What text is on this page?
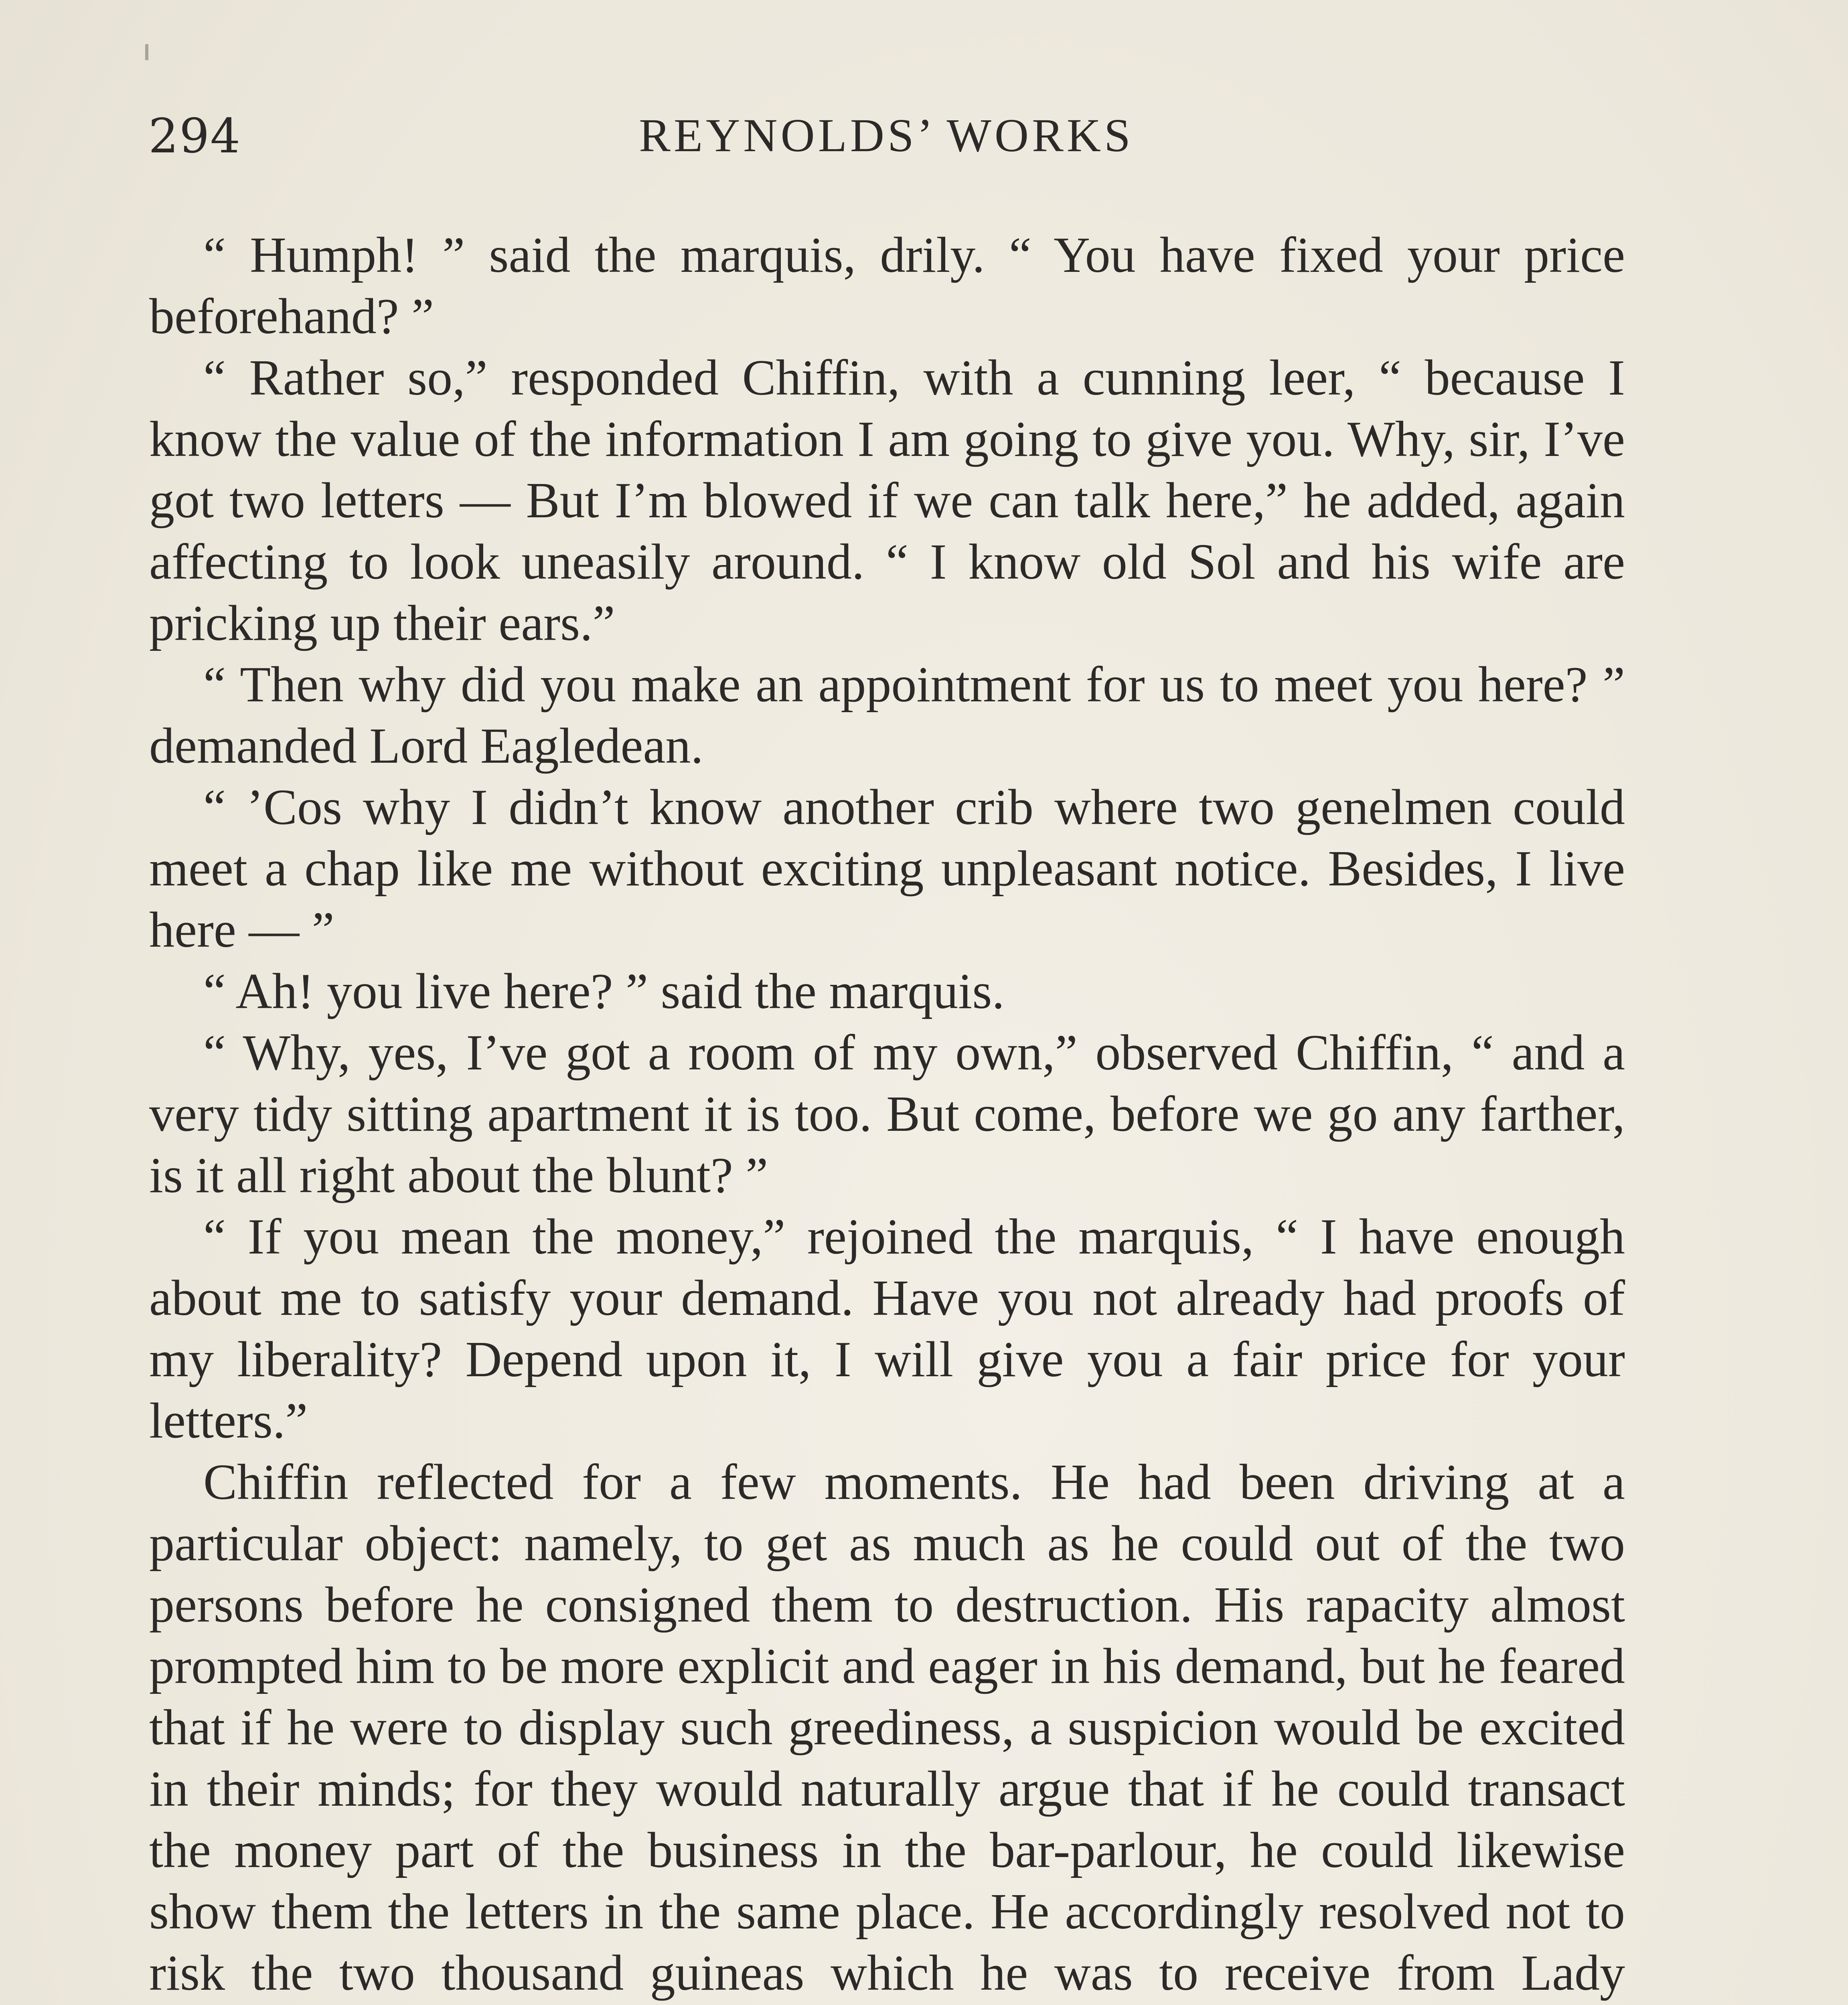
294	REYNOLDS’ WORKS

“ Humph! ” said the marquis, drily. “ You have fixed your price beforehand? ”

“ Rather so,” responded Chiffin, with a cunning leer, “ because I know the value of the information I am going to give you. Why, sir, I’ve got two letters — But I’m blowed if we can talk here,” he added, again affecting to look uneasily around. “ I know old Sol and his wife are pricking up their ears.”

“ Then why did you make an appointment for us to meet you here? ” demanded Lord Eagledean.

“ ’Cos why I didn’t know another crib where two genelmen could meet a chap like me without exciting unpleasant notice. Besides, I live here — ”

“ Ah! you live here? ” said the marquis.

“ Why, yes, I’ve got a room of my own,” observed Chiffin, “ and a very tidy sitting apartment it is too. But come, before we go any farther, is it all right about the blunt? ”

“ If you mean the money,” rejoined the marquis, “ I have enough about me to satisfy your demand. Have you not already had proofs of my liberality? Depend upon it, I will give you a fair price for your letters.”

Chiffin reflected for a few moments. He had been driving at a particular object: namely, to get as much as he could out of the two persons before he consigned them to destruction. His rapacity almost prompted him to be more explicit and eager in his demand, but he feared that if he were to display such greediness, a suspicion would be excited in their minds; for they would naturally argue that if he could transact the money part of the business in the bar-parlour, he could likewise show them the letters in the same place. He accordingly resolved not to risk the two thousand guineas which he was to receive from Lady
